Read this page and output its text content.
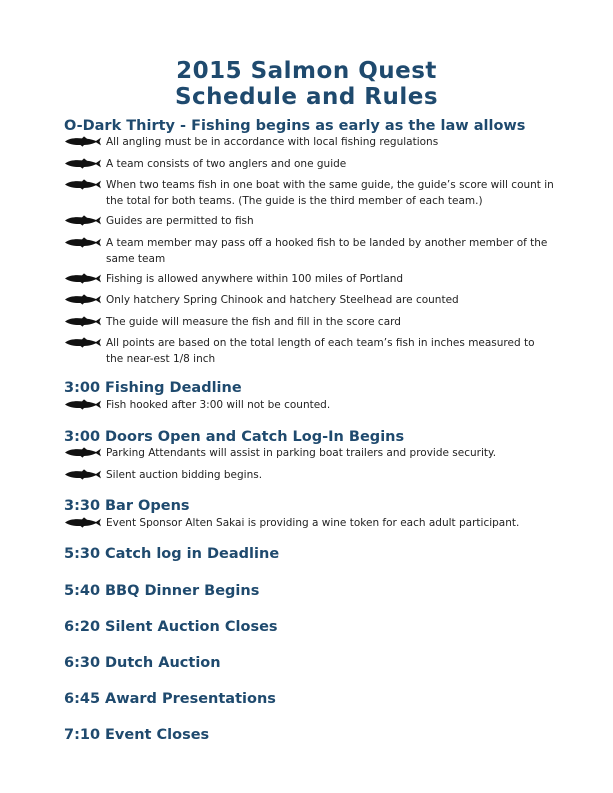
2015 Salmon Quest
Schedule and Rules
O-Dark Thirty - Fishing begins as early as the law allows
All angling must be in accordance with local fishing regulations
A team consists of two anglers and one guide
When two teams fish in one boat with the same guide, the guide’s score will count in the total for both teams. (The guide is the third member of each team.)
Guides are permitted to fish
A team member may pass off a hooked fish to be landed by another member of the same team
Fishing is allowed anywhere within 100 miles of Portland
Only hatchery Spring Chinook and hatchery Steelhead are counted
The guide will measure the fish and fill in the score card
All points are based on the total length of each team’s fish in inches measured to the near-est 1/8 inch
3:00 Fishing Deadline
Fish hooked after 3:00 will not be counted.
3:00 Doors Open and Catch Log-In Begins
Parking Attendants will assist in parking boat trailers and provide security.
Silent auction bidding begins.
3:30 Bar Opens
Event Sponsor Alten Sakai is providing a wine token for each adult participant.
5:30 Catch log in Deadline
5:40 BBQ Dinner Begins
6:20 Silent Auction Closes
6:30 Dutch Auction
6:45 Award Presentations
7:10 Event Closes
